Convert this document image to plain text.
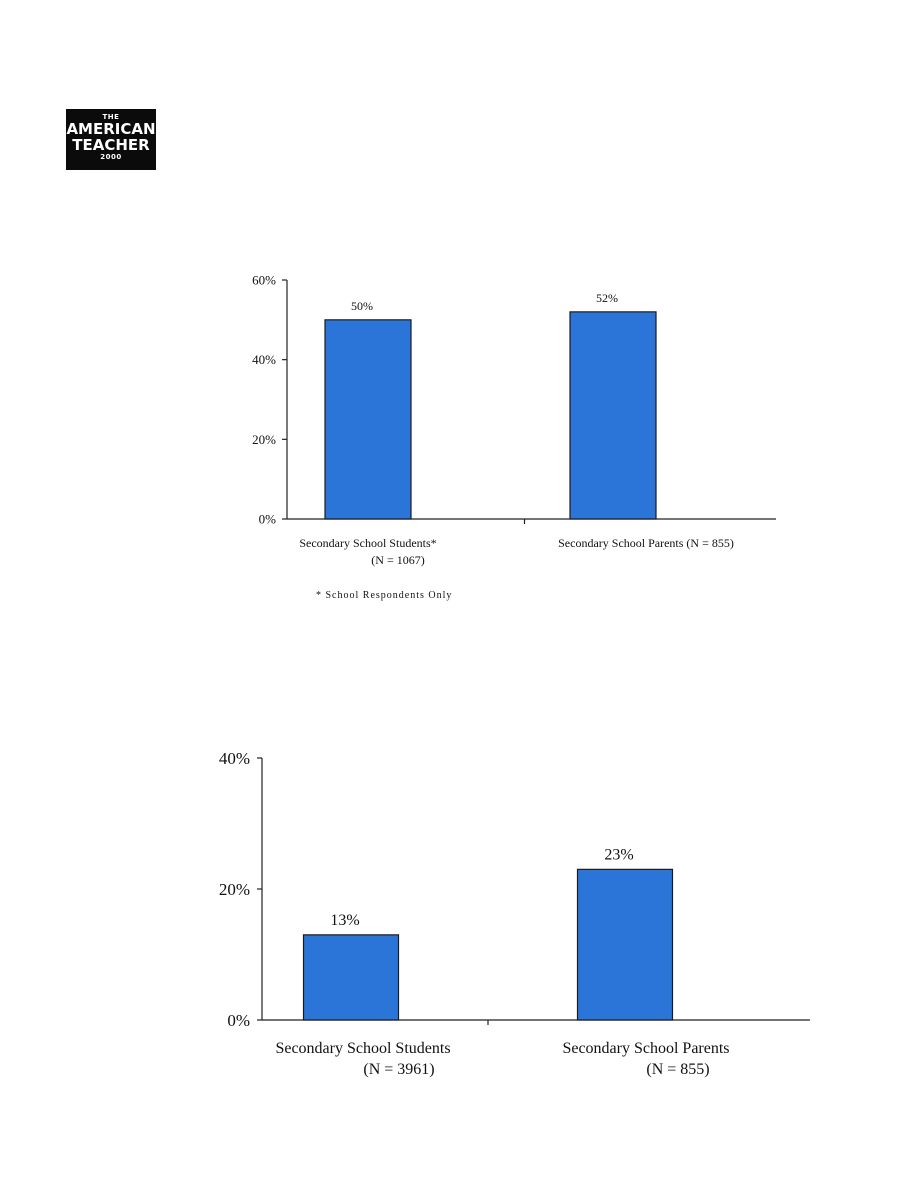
THE
AMERICAN
TEACHER
2000
0%
20%
40%
60%
50%
Secondary School Students*
(N = 1067)
52%
Secondary School Parents (N = 855)
* School Respondents Only
0%
20%
40%
13%
Secondary School Students
(N = 3961)
23%
Secondary School Parents
(N = 855)
